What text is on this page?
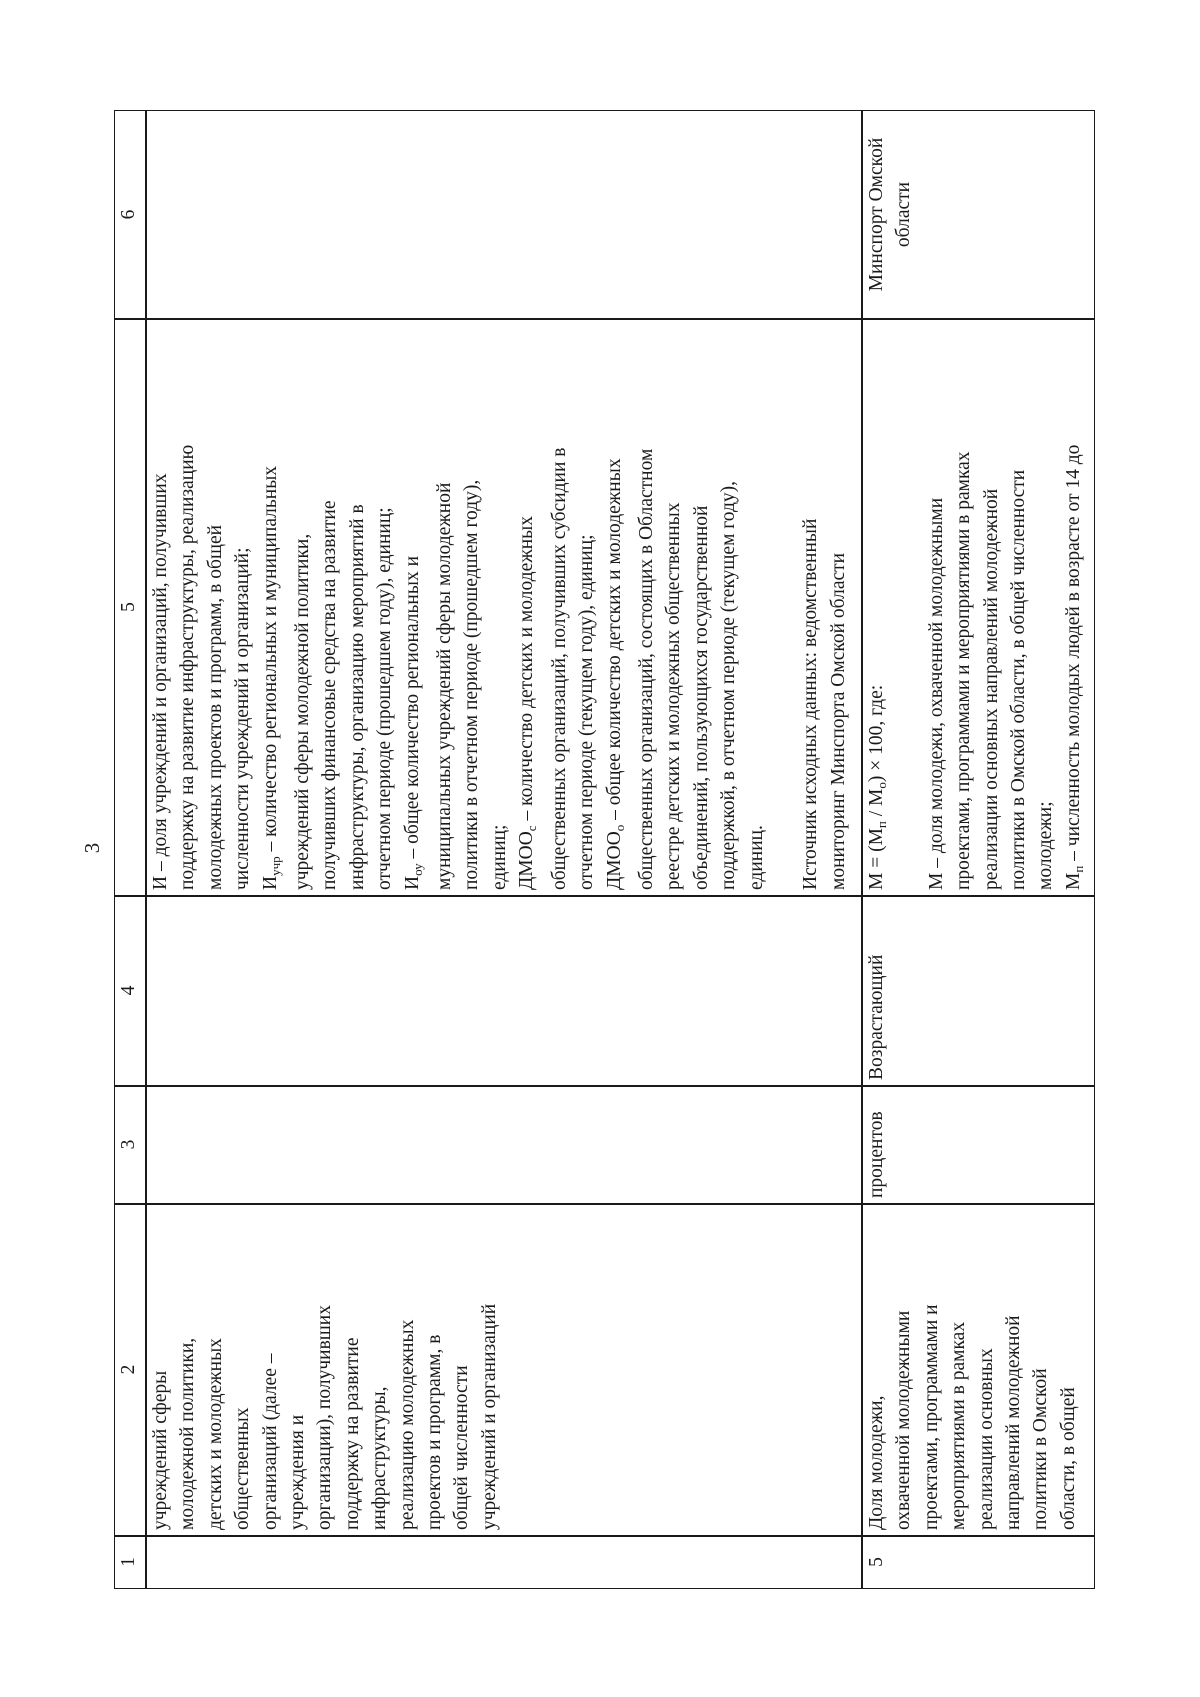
3
6
5
4
3
2
1
И – доля учреждений и организаций, получивших поддержку на развитие инфраструктуры, реализацию молодежных проектов и программ, в общей численности учреждений и организаций; $И_{учр}$ – количество региональных и муниципальных учреждений сферы молодежной политики, получивших финансовые средства на развитие инфраструктуры, организацию мероприятий в отчетном периоде (прошедшем году), единиц; $И_{оу}$ – общее количество региональных и муниципальных учреждений сферы молодежной политики в отчетном периоде (прошедшем году), единиц; $ДМОО_с$ – количество детских и молодежных общественных организаций, получивших субсидии в отчетном периоде (текущем году), единиц; $ДМОО_о$ – общее количество детских и молодежных общественных организаций, состоящих в Областном реестре детских и молодежных общественных объединений, пользующихся государственной поддержкой, в отчетном периоде (текущем году), единиц. Источник исходных данных: ведомственный мониторинг Минспорта Омской области
учреждений сферы молодежной политики, детских и молодежных общественных организаций (далее – учреждения и организации), получивших поддержку на развитие инфраструктуры, реализацию молодежных проектов и программ, в общей численности учреждений и организаций
Минспорт Омской области
$М = (М_п / М_о) \times 100$, где:	М – доля молодежи, охваченной молодежными проектами, программами и мероприятиями в рамках реализации основных направлений молодежной политики в Омской области, в общей численности молодежи; $М_п$ – численность молодых людей в возрасте от 14 до
Возрастающий
процентов
Доля молодежи, охваченной молодежными проектами, программами и мероприятиями в рамках реализации основных направлений молодежной политики в Омской области, в общей
5
